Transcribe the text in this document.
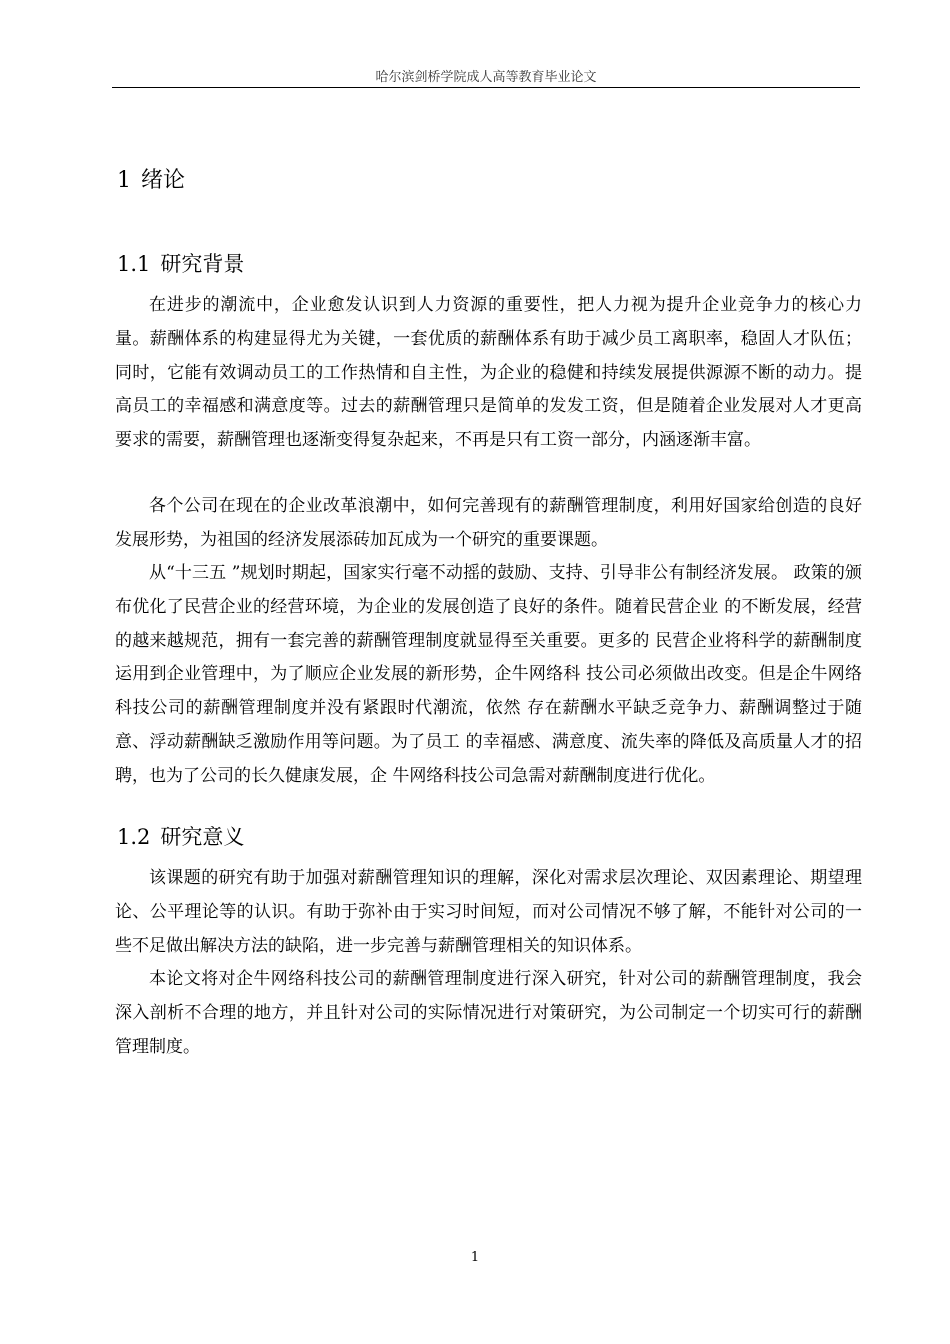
哈尔滨剑桥学院成人高等教育毕业论文
1 绪论
1.1 研究背景

在进步的潮流中，企业愈发认识到人力资源的重要性，把人力视为提升企业竞争力的核心力量。薪酬体系的构建显得尤为关键，一套优质的薪酬体系有助于减少员工离职率，稳固人才队伍；同时，它能有效调动员工的工作热情和自主性，为企业的稳健和持续发展提供源源不断的动力。提高员工的幸福感和满意度等。过去的薪酬管理只是简单的发发工资，但是随着企业发展对人才更高要求的需要，薪酬管理也逐渐变得复杂起来，不再是只有工资一部分，内涵逐渐丰富。

各个公司在现在的企业改革浪潮中，如何完善现有的薪酬管理制度，利用好国家给创造的良好发展形势，为祖国的经济发展添砖加瓦成为一个研究的重要课题。

从“十三五 ”规划时期起，国家实行毫不动摇的鼓励、支持、引导非公有制经济发展。 政策的颁布优化了民营企业的经营环境，为企业的发展创造了良好的条件。随着民营企业 的不断发展，经营的越来越规范，拥有一套完善的薪酬管理制度就显得至关重要。更多的 民营企业将科学的薪酬制度运用到企业管理中，为了顺应企业发展的新形势，企牛网络科 技公司必须做出改变。但是企牛网络科技公司的薪酬管理制度并没有紧跟时代潮流，依然 存在薪酬水平缺乏竞争力、薪酬调整过于随意、浮动薪酬缺乏激励作用等问题。为了员工 的幸福感、满意度、流失率的降低及高质量人才的招聘，也为了公司的长久健康发展，企 牛网络科技公司急需对薪酬制度进行优化。

1.2 研究意义

该课题的研究有助于加强对薪酬管理知识的理解，深化对需求层次理论、双因素理论、期望理论、公平理论等的认识。有助于弥补由于实习时间短，而对公司情况不够了解，不能针对公司的一些不足做出解决方法的缺陷，进一步完善与薪酬管理相关的知识体系。

本论文将对企牛网络科技公司的薪酬管理制度进行深入研究，针对公司的薪酬管理制度，我会深入剖析不合理的地方，并且针对公司的实际情况进行对策研究，为公司制定一个切实可行的薪酬管理制度。

1
